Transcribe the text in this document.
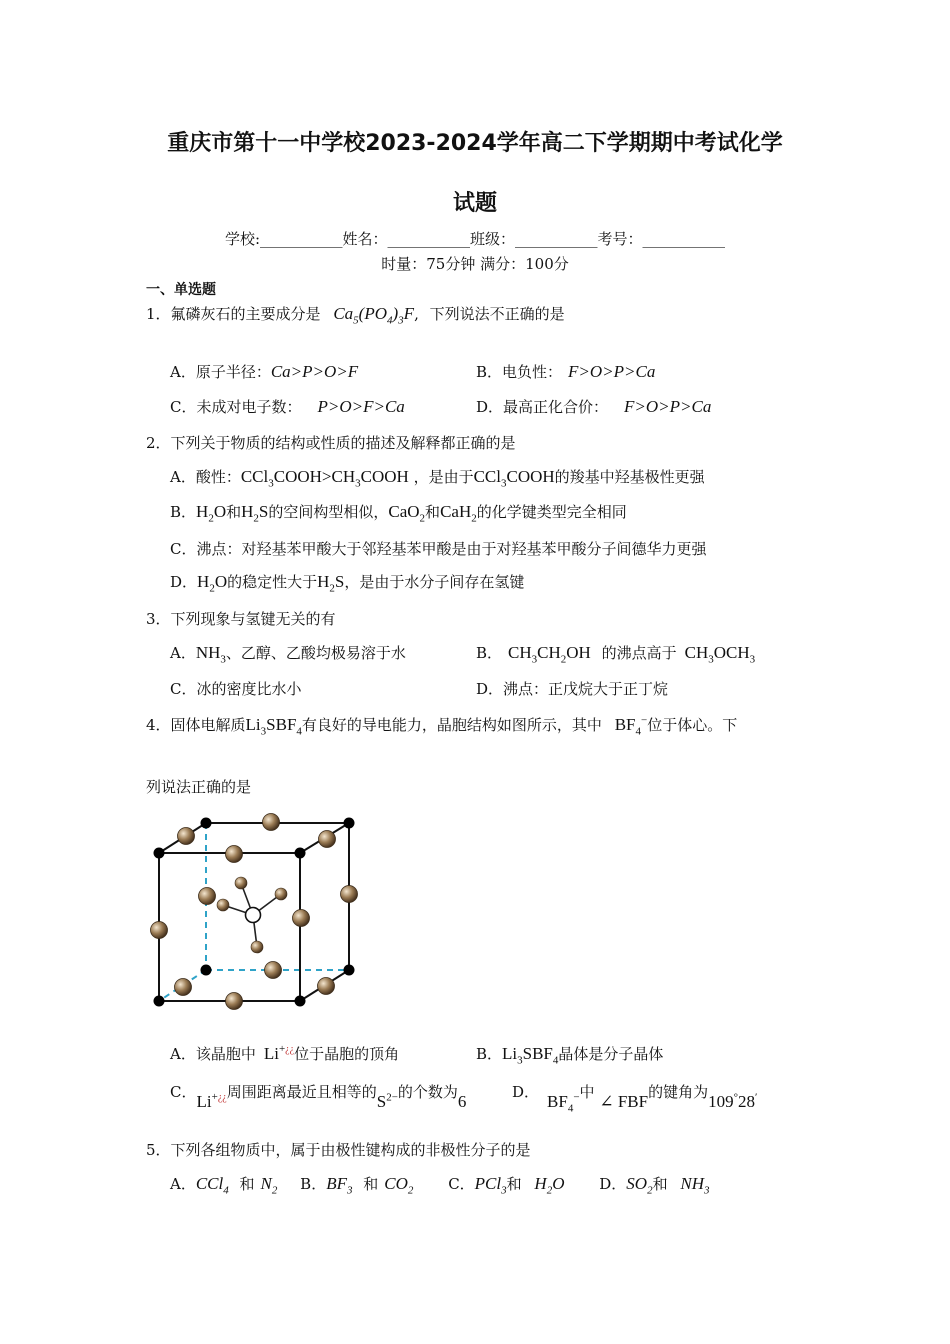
重庆市第十一中学校2023-2024学年高二下学期期中考试化学
试题
学校:___________姓名：___________班级：___________考号：___________
时量：75分钟 满分：100分
一、单选题
1．氟磷灰石的主要成分是 $Ca_5(PO_4)_3F$, 下列说法不正确的是
A．原子半径：Ca>P>O>F	B．电负性： F>O>P>Ca
C．未成对电子数： P>O>F>Ca	D．最高正化合价： F>O>P>Ca
2．下列关于物质的结构或性质的描述及解释都正确的是
A．酸性：$CCl_3COOH>CH_3COOH$ ，是由于CCl$_3$COOH的羧基中羟基极性更强
B．$H_2O$和$H_2S$的空间构型相似，CaO$_2$和CaH$_2$的化学键类型完全相同
C．沸点：对羟基苯甲酸大于邻羟基苯甲酸是由于对羟基苯甲酸分子间德华力更强
D．$H_2O$的稳定性大于$H_2S$，是由于水分子间存在氢键
3．下列现象与氢键无关的有
A．$NH_3$、乙醇、乙酸均极易溶于水	B． $CH_3CH_2OH$ 的沸点高于 $CH_3OCH_3$
C．冰的密度比水小	D．沸点：正戊烷大于正丁烷
4．固体电解质$Li_3SBF_4$有良好的导电能力，晶胞结构如图所示，其中 $BF_4^-$位于体心。下
列说法正确的是
A．该晶胞中 Li+¿¿位于晶胞的顶角	B．$Li_3SBF_4$晶体是分子晶体
C．Li+¿¿周围距离最近且相等的$S^{2-}$的个数为6	D． $BF_4^-$中 ∠ FBF的键角为109°28′
5．下列各组物质中，属于由极性键构成的非极性分子的是
A．CCl$_4$ 和 $N_2$ B．$BF_3$ 和 $CO_2$ C．PCl$_3$和 $H_2O$ D．$SO_2$和 $NH_3$
